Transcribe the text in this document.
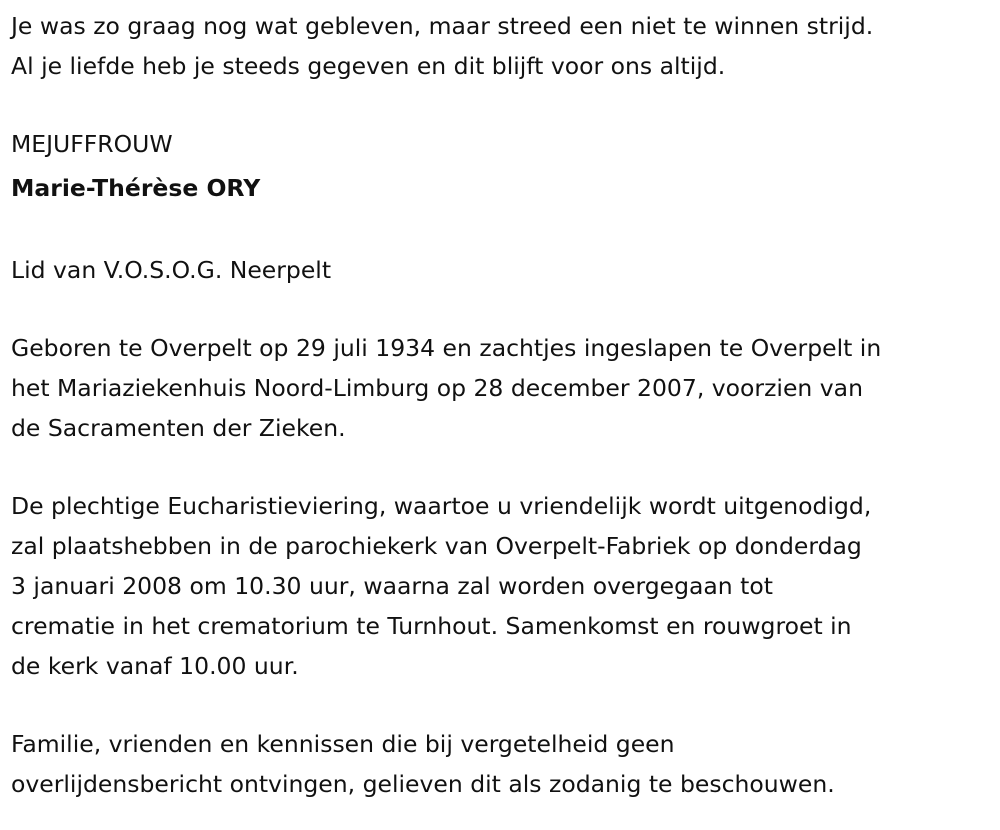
Je was zo graag nog wat gebleven, maar streed een niet te winnen strijd.
Al je liefde heb je steeds gegeven en dit blijft voor ons altijd.
MEJUFFROUW
Marie-Thérèse ORY
Lid van V.O.S.O.G. Neerpelt
Geboren te Overpelt op 29 juli 1934 en zachtjes ingeslapen te Overpelt in
het Mariaziekenhuis Noord-Limburg op 28 december 2007, voorzien van
de Sacramenten der Zieken.
De plechtige Eucharistieviering, waartoe u vriendelijk wordt uitgenodigd,
zal plaatshebben in de parochiekerk van Overpelt-Fabriek op donderdag
3 januari 2008 om 10.30 uur, waarna zal worden overgegaan tot
crematie in het crematorium te Turnhout. Samenkomst en rouwgroet in
de kerk vanaf 10.00 uur.
Familie, vrienden en kennissen die bij vergetelheid geen
overlijdensbericht ontvingen, gelieven dit als zodanig te beschouwen.
